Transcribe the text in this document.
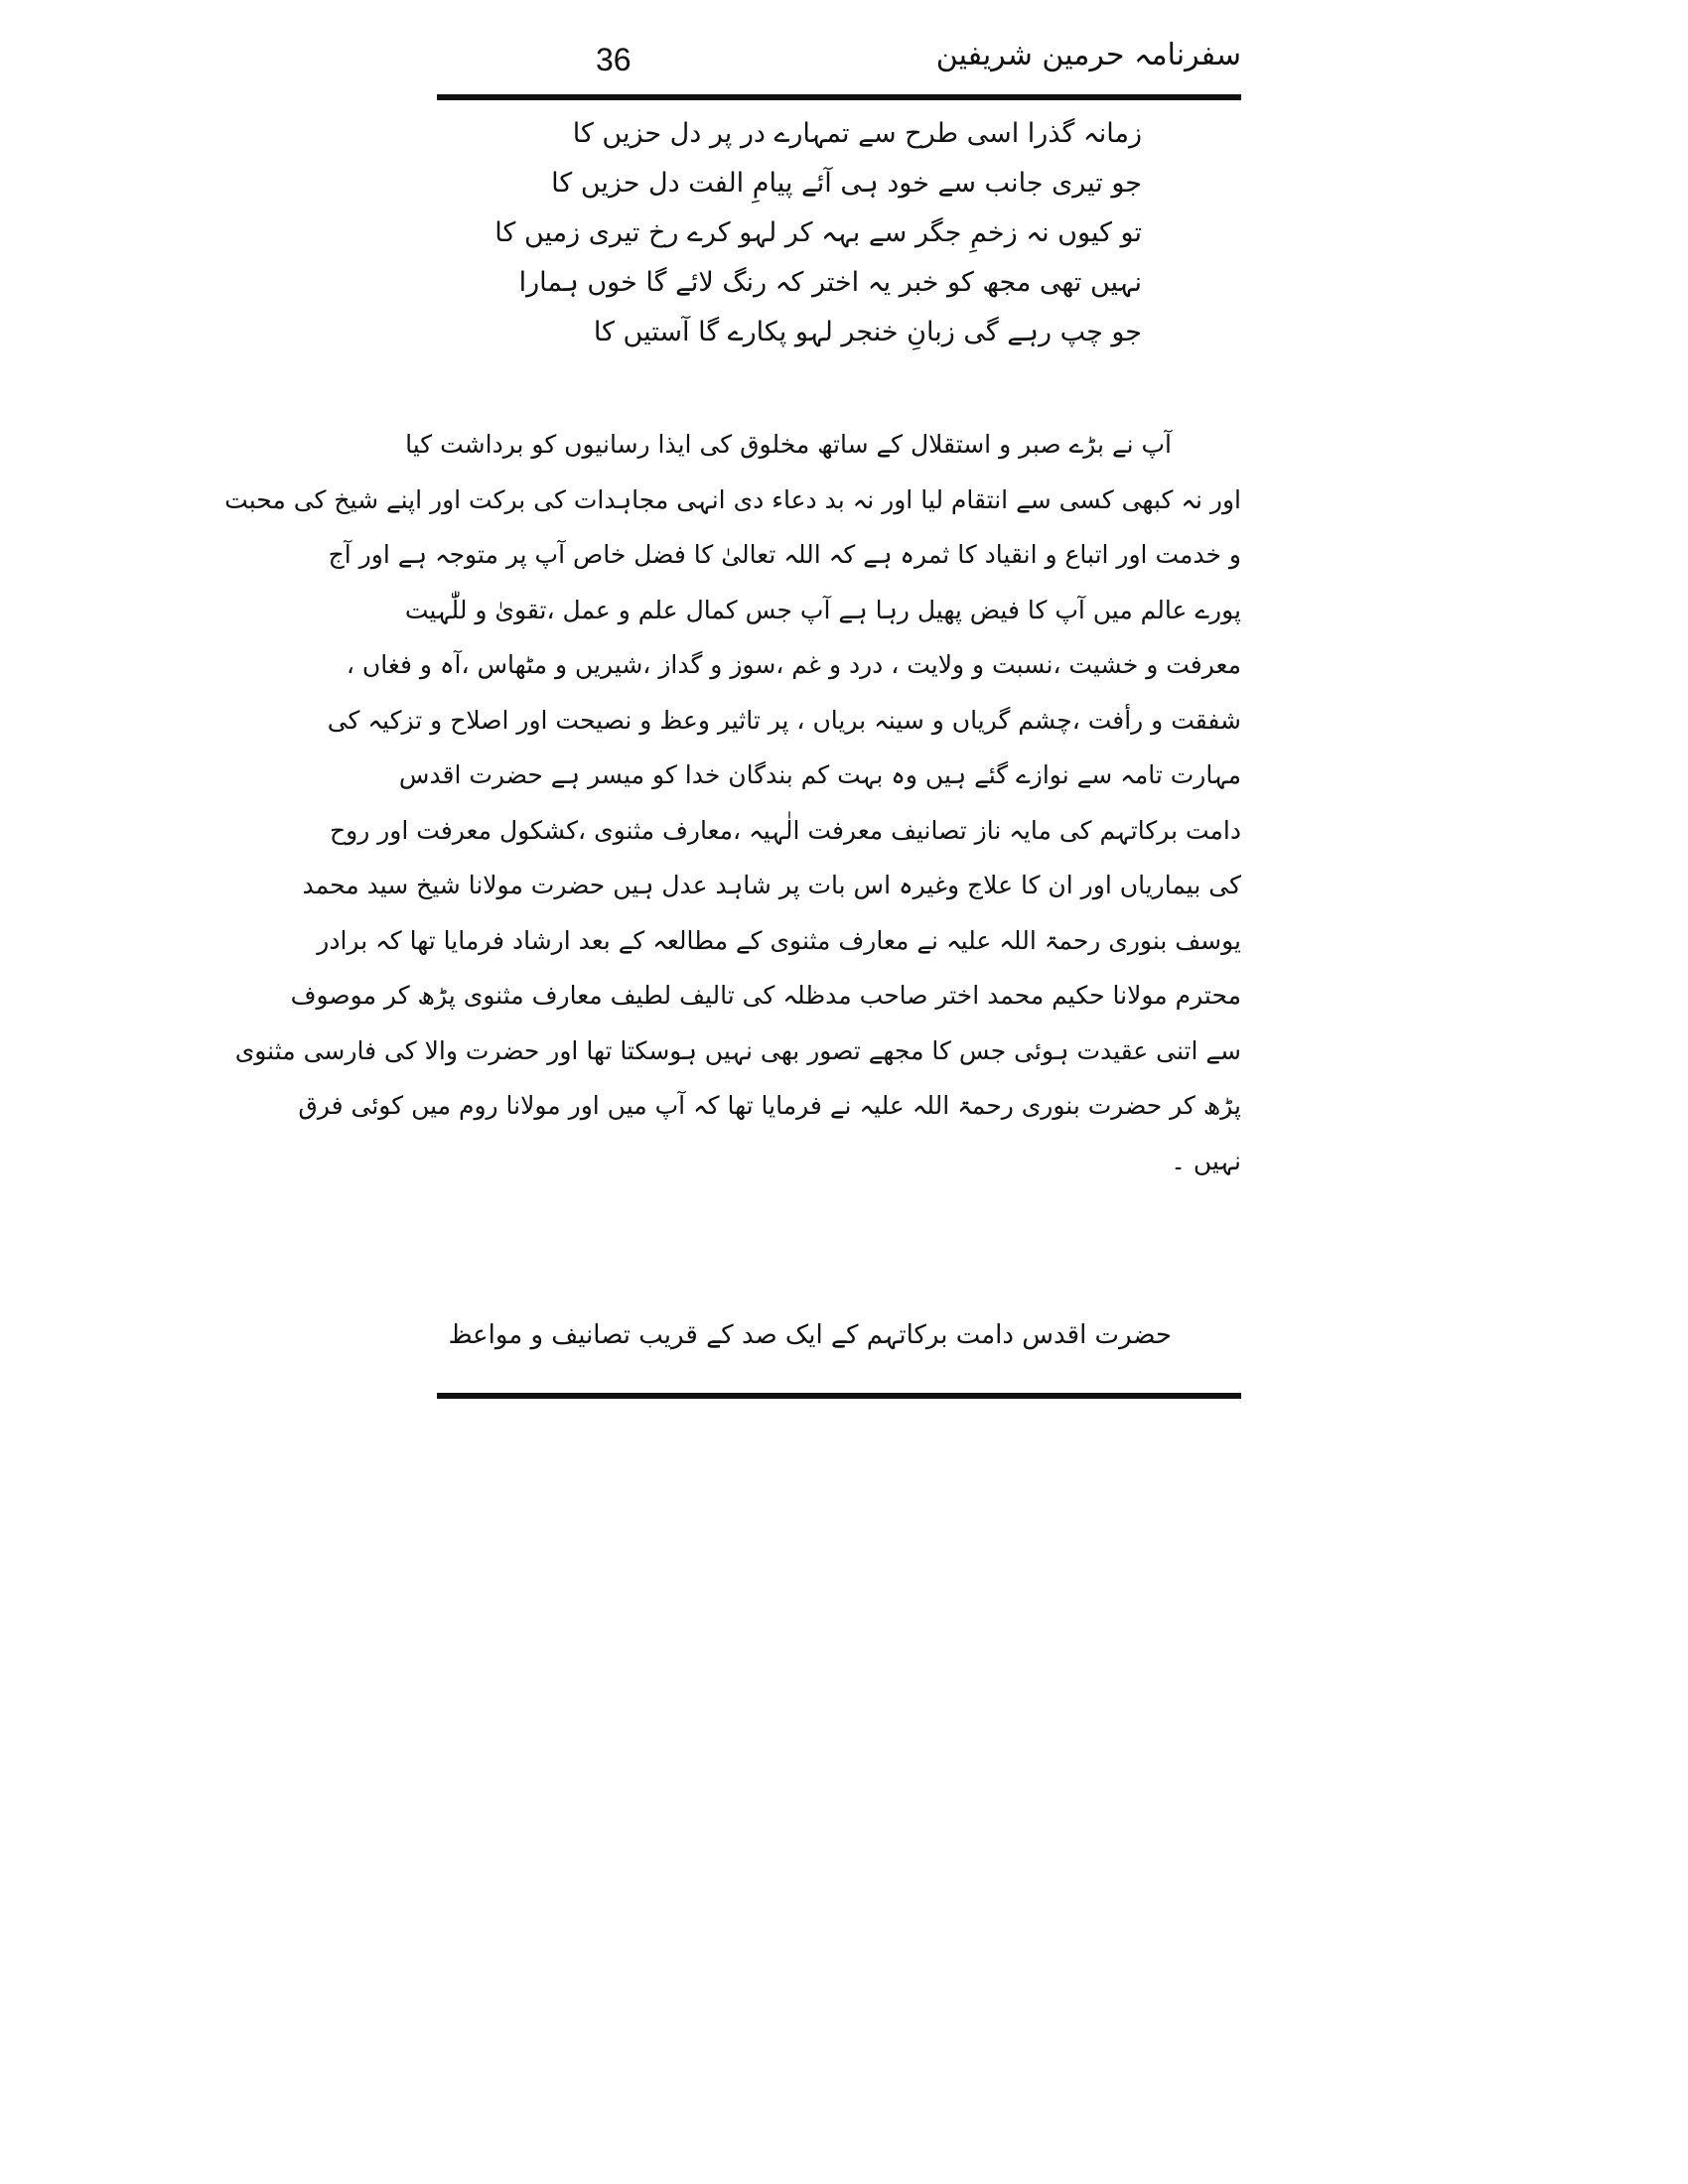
36	سفرنامہ حرمین شریفین
زمانہ گذرا اسی طرح سے تمہارے در پر دل حزیں کا
جو تیری جانب سے خود ہی آئے پیامِ الفت دل حزیں کا
تو کیوں نہ زخمِ جگر سے بہہ کر لہو کرے رخ تیری زمیں کا
نہیں تھی مجھ کو خبر یہ اختر کہ رنگ لائے گا خوں ہمارا
جو چپ رہے گی زبانِ خنجر لہو پکارے گا آستیں کا
آپ نے بڑے صبر و استقلال کے ساتھ مخلوق کی ایذا رسانیوں کو برداشت کیا
اور نہ کبھی کسی سے انتقام لیا اور نہ بد دعاء دی انہی مجاہدات کی برکت اور اپنے شیخ کی محبت
و خدمت اور اتباع و انقیاد کا ثمرہ ہے کہ اللہ تعالیٰ کا فضل خاص آپ پر متوجہ ہے اور آج
پورے عالم میں آپ کا فیض پھیل رہا ہے آپ جس کمال علم و عمل ،تقویٰ و للّٰہیت
معرفت و خشیت ،نسبت و ولایت ، درد و غم ،سوز و گداز ،شیریں و مٹھاس ،آہ و فغاں ،
شفقت و رأفت ،چشم گریاں و سینہ بریاں ، پر تاثیر وعظ و نصیحت اور اصلاح و تزکیہ کی
مہارت تامہ سے نوازے گئے ہیں وہ بہت کم بندگان خدا کو میسر ہے حضرت اقدس
دامت برکاتہم کی مایہ ناز تصانیف معرفت الٰہیہ ،معارف مثنوی ،کشکول معرفت اور روح
کی بیماریاں اور ان کا علاج وغیرہ اس بات پر شاہد عدل ہیں حضرت مولانا شیخ سید محمد
یوسف بنوری رحمۃ اللہ علیہ نے معارف مثنوی کے مطالعہ کے بعد ارشاد فرمایا تھا کہ برادر
محترم مولانا حکیم محمد اختر صاحب مدظلہ کی تالیف لطیف معارف مثنوی پڑھ کر موصوف
سے اتنی عقیدت ہوئی جس کا مجھے تصور بھی نہیں ہوسکتا تھا اور حضرت والا کی فارسی مثنوی
پڑھ کر حضرت بنوری رحمۃ اللہ علیہ نے فرمایا تھا کہ آپ میں اور مولانا روم میں کوئی فرق
نہیں ۔
حضرت اقدس دامت برکاتہم کے ایک صد کے قریب تصانیف و مواعظ
